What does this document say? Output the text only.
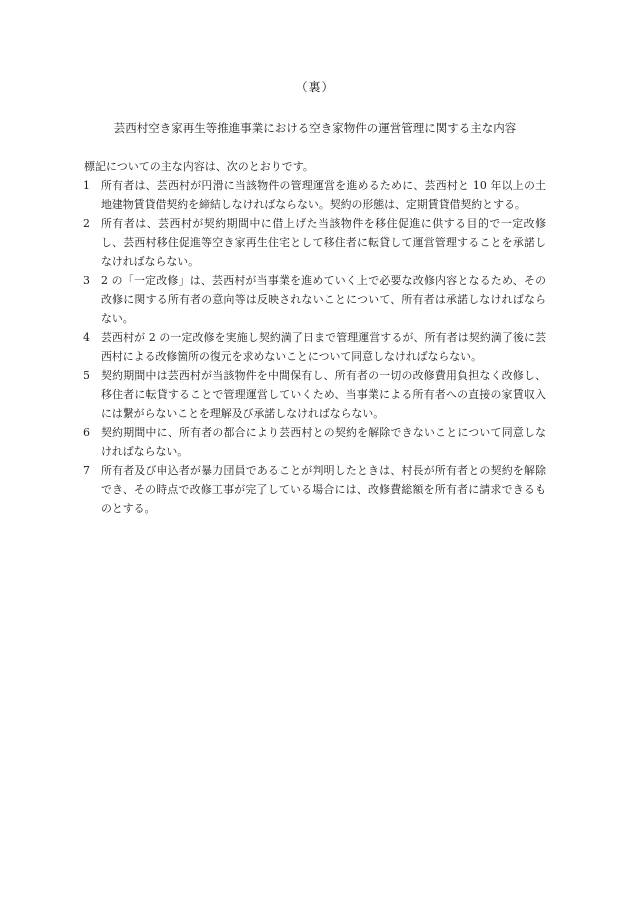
（裏）
芸西村空き家再生等推進事業における空き家物件の運営管理に関する主な内容
標記についての主な内容は、次のとおりです。
1 所有者は、芸西村が円滑に当該物件の管理運営を進めるために、芸西村と 10 年以上の土地建物賃貸借契約を締結しなければならない。契約の形態は、定期賃貸借契約とする。
2 所有者は、芸西村が契約期間中に借上げた当該物件を移住促進に供する目的で一定改修し、芸西村移住促進等空き家再生住宅として移住者に転貸して運営管理することを承諾しなければならない。
3 2 の「一定改修」は、芸西村が当事業を進めていく上で必要な改修内容となるため、その改修に関する所有者の意向等は反映されないことについて、所有者は承諾しなければならない。
4 芸西村が 2 の一定改修を実施し契約満了日まで管理運営するが、所有者は契約満了後に芸西村による改修箇所の復元を求めないことについて同意しなければならない。
5 契約期間中は芸西村が当該物件を中間保有し、所有者の一切の改修費用負担なく改修し、移住者に転貸することで管理運営していくため、当事業による所有者への直接の家賃収入には繋がらないことを理解及び承諾しなければならない。
6 契約期間中に、所有者の都合により芸西村との契約を解除できないことについて同意しなければならない。
7 所有者及び申込者が暴力団員であることが判明したときは、村長が所有者との契約を解除でき、その時点で改修工事が完了している場合には、改修費総額を所有者に請求できるものとする。
